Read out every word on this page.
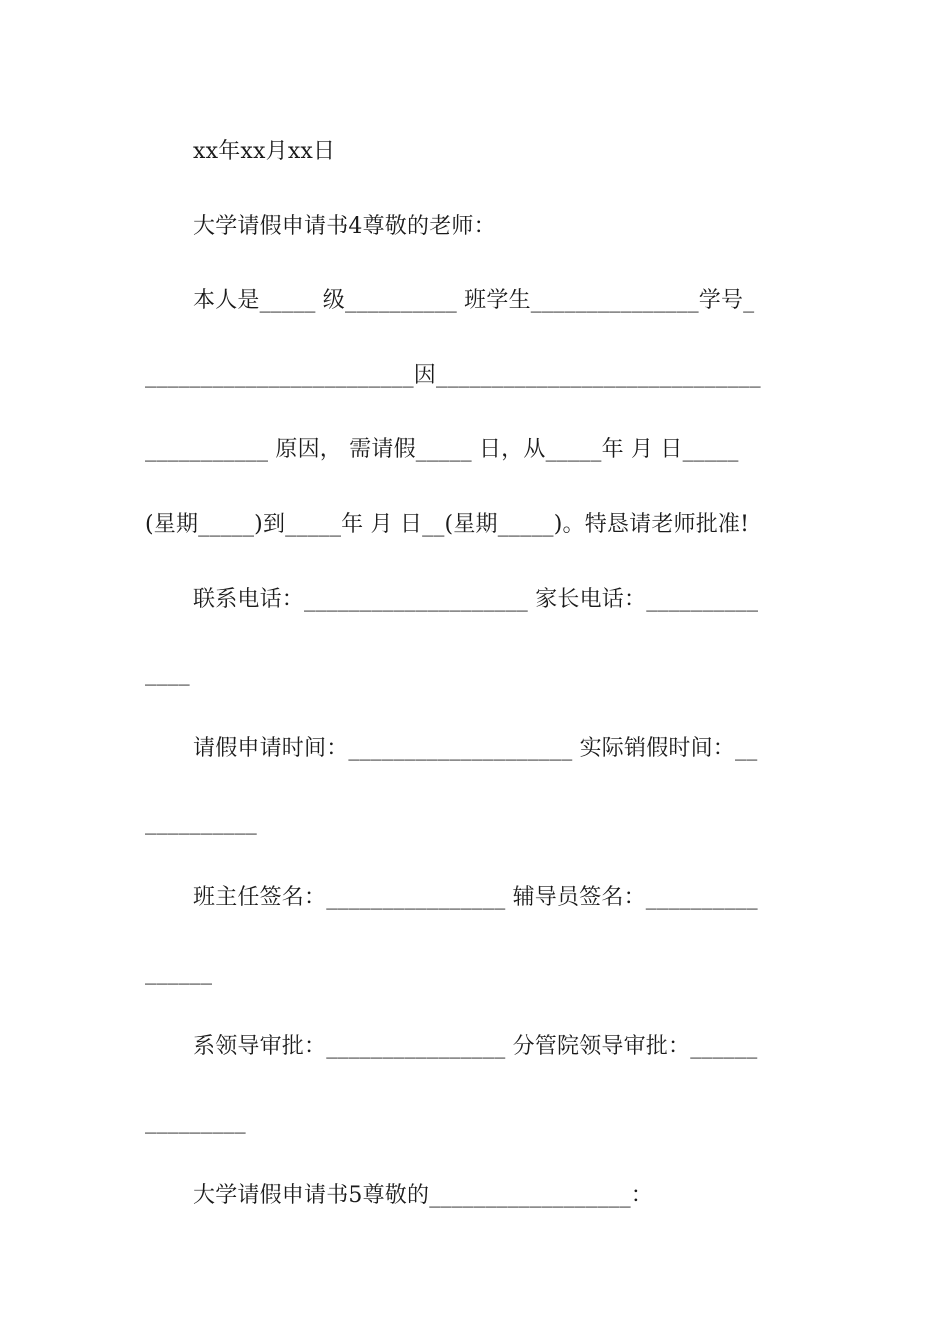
xx年xx月xx日
大学请假申请书4尊敬的老师：
本人是_____ 级__________ 班学生_______________学号_
________________________因_____________________________
___________ 原因， 需请假_____ 日，从_____年 月 日_____
(星期_____)到_____年 月 日__(星期_____)。特恳请老师批准!
联系电话：____________________ 家长电话：__________
____
请假申请时间：____________________ 实际销假时间：__
__________
班主任签名：________________ 辅导员签名：__________
______
系领导审批：________________ 分管院领导审批：______
_________
大学请假申请书5尊敬的__________________：
